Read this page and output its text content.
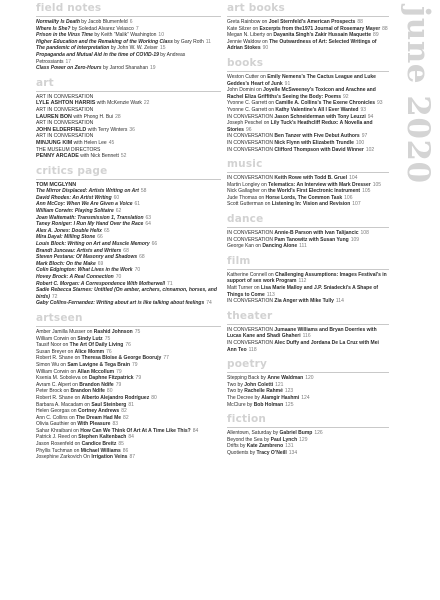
field notes
Normality Is Death by Jacob Blumenfeld 6
Where Is She? by Soledad Álvarez Velasco 7
Prison in the Virus Time by Keith “Malik” Washington 10
Higher Education and the Remaking of the Working Class by Gary Roth 11
The pandemic of interpretation by John W. W. Zeiser 15
Propaganda and Mutual Aid in the time of COVID-19 by Andreas Petrossiants 17
Class Power on Zero-Hours by Jarrod Shanahan 19
art
ART IN CONVERSATION
LYLE ASHTON HARRIS with McKenzie Wark 22
ART IN CONVERSATION
LAUREN BON with Phong H. Bui 28
ART IN CONVERSATION
JOHN ELDERFIELD with Terry Winters 36
ART IN CONVERSATION
MINJUNG KIM with Helen Lee 45
THE MUSEUM DIRECTORS
PENNY ARCADE with Nick Bennett 52
critics page
TOM MCGLYNN
The Mirror Displaced: Artists Writing on Art 58
David Rhodes: An Artist Writing 60
Ann McCoy: When We Are Given a Voice 61
William Corwin: Playing Solitaire 62
Joan Waltemath: Transmission 1, Translation 63
Taney Roniger: I Run My Hand Over the Race 64
Alex A. Jones: Double Helix 65
Mira Dayal: Milling Stone 66
Louis Block: Writing on Art and Muscle Memory 66
Brandt Junceau: Artists and Writers 68
Steven Pestana: Of Masonry and Shadows 68
Mark Bloch: On the Make 69
Colin Edgington: What Lives in the Work 70
Hovey Brock: A Real Connection 70
Robert C. Morgan: A Correspondence With Motherwell 71
Sadie Rebecca Starnes: Untitled (On amber, archers, cinnamon, horses, and birds) 72
Gaby Collins-Fernandez: Writing about art is like talking about feelings 74
artseen
Amber Jamilla Musser on Rashid Johnson 75
William Corwin on Sindy Lutz 75
Tausif Noor on The Art Of Daily Living 76
Susan Breyer on Alice Momm 76
Robert R. Shane on Theresa Bloise & George Boorujy 77
Simon Wu on Sam Lavigne & Tega Brain 79
William Corwin on Allan Mccollum 79
Ksenia M. Soboleva on Daphne Fitzpatrick 79
Avram C. Alpert on Brandon Ndife 79
Peter Brock on Brandon Ndife 80
Robert R. Shane on Alberto Alejandro Rodríguez 80
Barbara A. Macadam on Saul Steinberg 81
Helen Georgas on Cortney Andrews 82
Ann C. Collins on The Dream Had Me 82
Olivia Gauthier on With Pleasure 83
Sahar Khraibani on How Can We Think Of Art At A Time Like This? 84
Patrick J. Reed on Stephen Kaltenbach 84
Jason Rosenfeld on Candice Breitz 85
Phyllis Tuchman on Michael Williams 86
Josephine Zarkovich On Irrigation Veins 87
art books
Greta Rainbow on Joel Sternfeld’s American Prospects 88
Kate Silzer on Excerpts from the1971 Journal of Rosemary Mayer 88
Megan N. Liberty on Dayanita Singh’s Zakir Hussain Maquette 89
Jennie Waldow on The Outwardness of Art: Selected Writings of Adrian Stokes 90
books
Weston Cutter on Emily Nemens’s The Cactus League and Luke Geddes’s Heart of Junk 91
John Domini on Joyelle McSweeney’s Toxicon and Arachne and Rachel Eliza Griffiths’s Seeing the Body: Poems 92
Yvonne C. Garrett on Camille A. Collins’s The Exene Chronicles 93
Yvonne C. Garrett on Kathy Valentine’s All I Ever Wanted 93
IN CONVERSATION Jason Schneiderman with Tony Leuzzi 94
Joseph Peschel on Lily Tuck’s Heathcliff Redux: A Novella and Stories 96
IN CONVERSATION Ben Tanzer with Five Debut Authors 97
IN CONVERSATION Nick Flynn with Elizabeth Trundle 100
IN CONVERSATION Clifford Thompson with David Winner 102
music
IN CONVERSATION Keith Rowe with Todd B. Gruel 104
Martin Longley on Telematics: An Interview with Mark Dresser 105
Nick Gallagher on the World’s First Electronic Instrument 105
Jude Thomas on Horse Lords, The Common Task 106
Scott Gutterman on Listening In: Vision and Revision 107
dance
IN CONVERSATION Annie-B Parson with Ivan Talijancic 108
IN CONVERSATION Pam Tanowitz with Susan Yung 109
George Kan on Dancing Alone 111
film
Katherine Connell on Challenging Assumptions: Images Festival’s in support of sex work Program 112
Matt Turner on Lisa Marie Malloy and J.P. Sniadecki’s A Shape of Things to Come 113
IN CONVERSATION Zia Anger with Mike Tully 114
theater
IN CONVERSATION Jumaane Williams and Bryan Doerries with Lucas Kane and Shadi Ghaheri 116
IN CONVERSATION Alec Duffy and Jordana De La Cruz with Mei Ann Teo 118
poetry
Stepping Back by Anne Waldman 120
Two by John Coletti 121
Two by Rachelle Rahmé 123
The Decree by Alamgir Hashmi 124
McClure by Bob Holman 125
fiction
Allentown, Saturday by Gabriel Bump 126
Beyond the Sea by Paul Lynch 129
Drifts by Kate Zambreno 131
Quotients by Tracy O’Neill 134
june 2020
